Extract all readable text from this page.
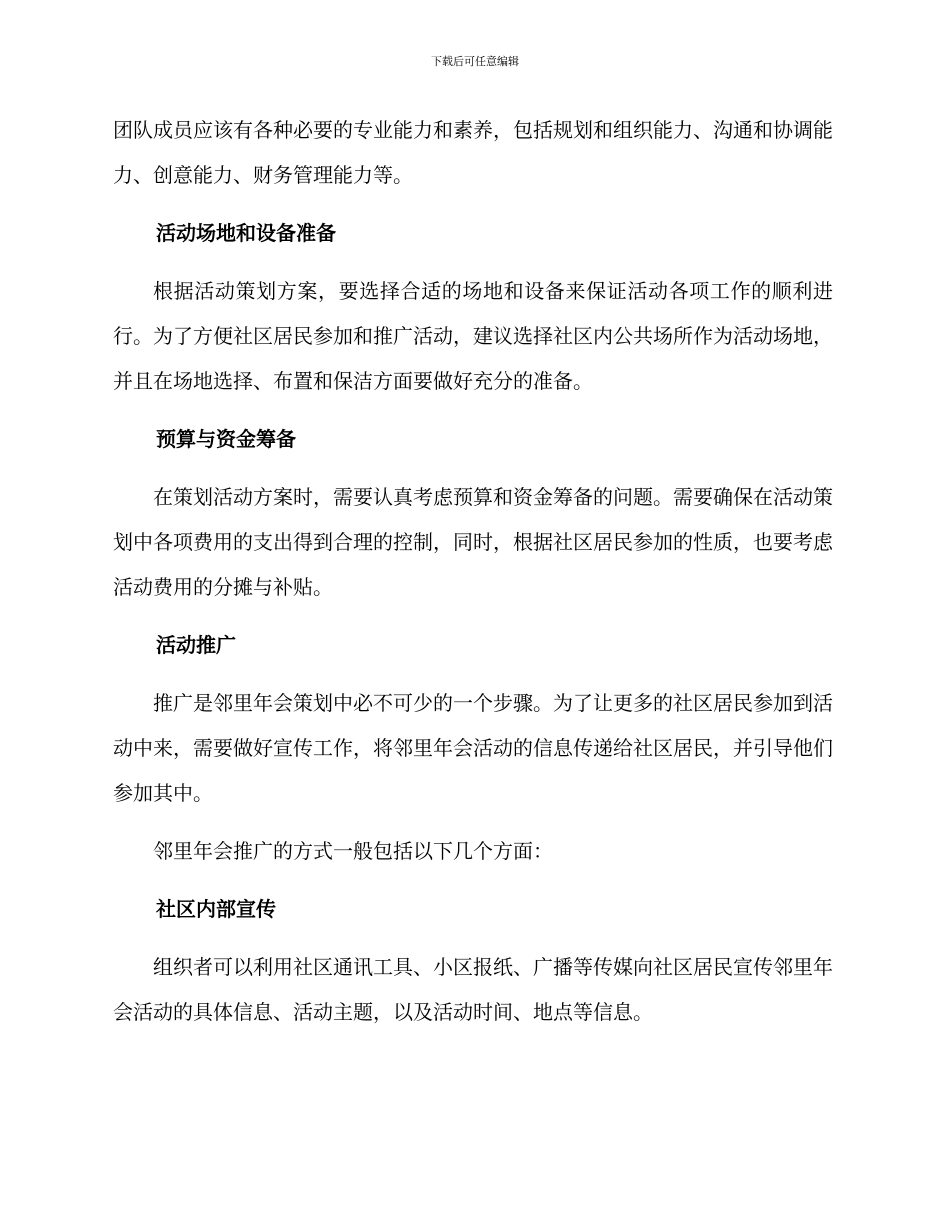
下载后可任意编辑

团队成员应该有各种必要的专业能力和素养，包括规划和组织能力、沟通和协调能力、创意能力、财务管理能力等。

活动场地和设备准备

根据活动策划方案，要选择合适的场地和设备来保证活动各项工作的顺利进行。为了方便社区居民参加和推广活动，建议选择社区内公共场所作为活动场地，并且在场地选择、布置和保洁方面要做好充分的准备。

预算与资金筹备

在策划活动方案时，需要认真考虑预算和资金筹备的问题。需要确保在活动策划中各项费用的支出得到合理的控制，同时，根据社区居民参加的性质，也要考虑活动费用的分摊与补贴。

活动推广

推广是邻里年会策划中必不可少的一个步骤。为了让更多的社区居民参加到活动中来，需要做好宣传工作，将邻里年会活动的信息传递给社区居民，并引导他们参加其中。

邻里年会推广的方式一般包括以下几个方面：

社区内部宣传

组织者可以利用社区通讯工具、小区报纸、广播等传媒向社区居民宣传邻里年会活动的具体信息、活动主题，以及活动时间、地点等信息。
